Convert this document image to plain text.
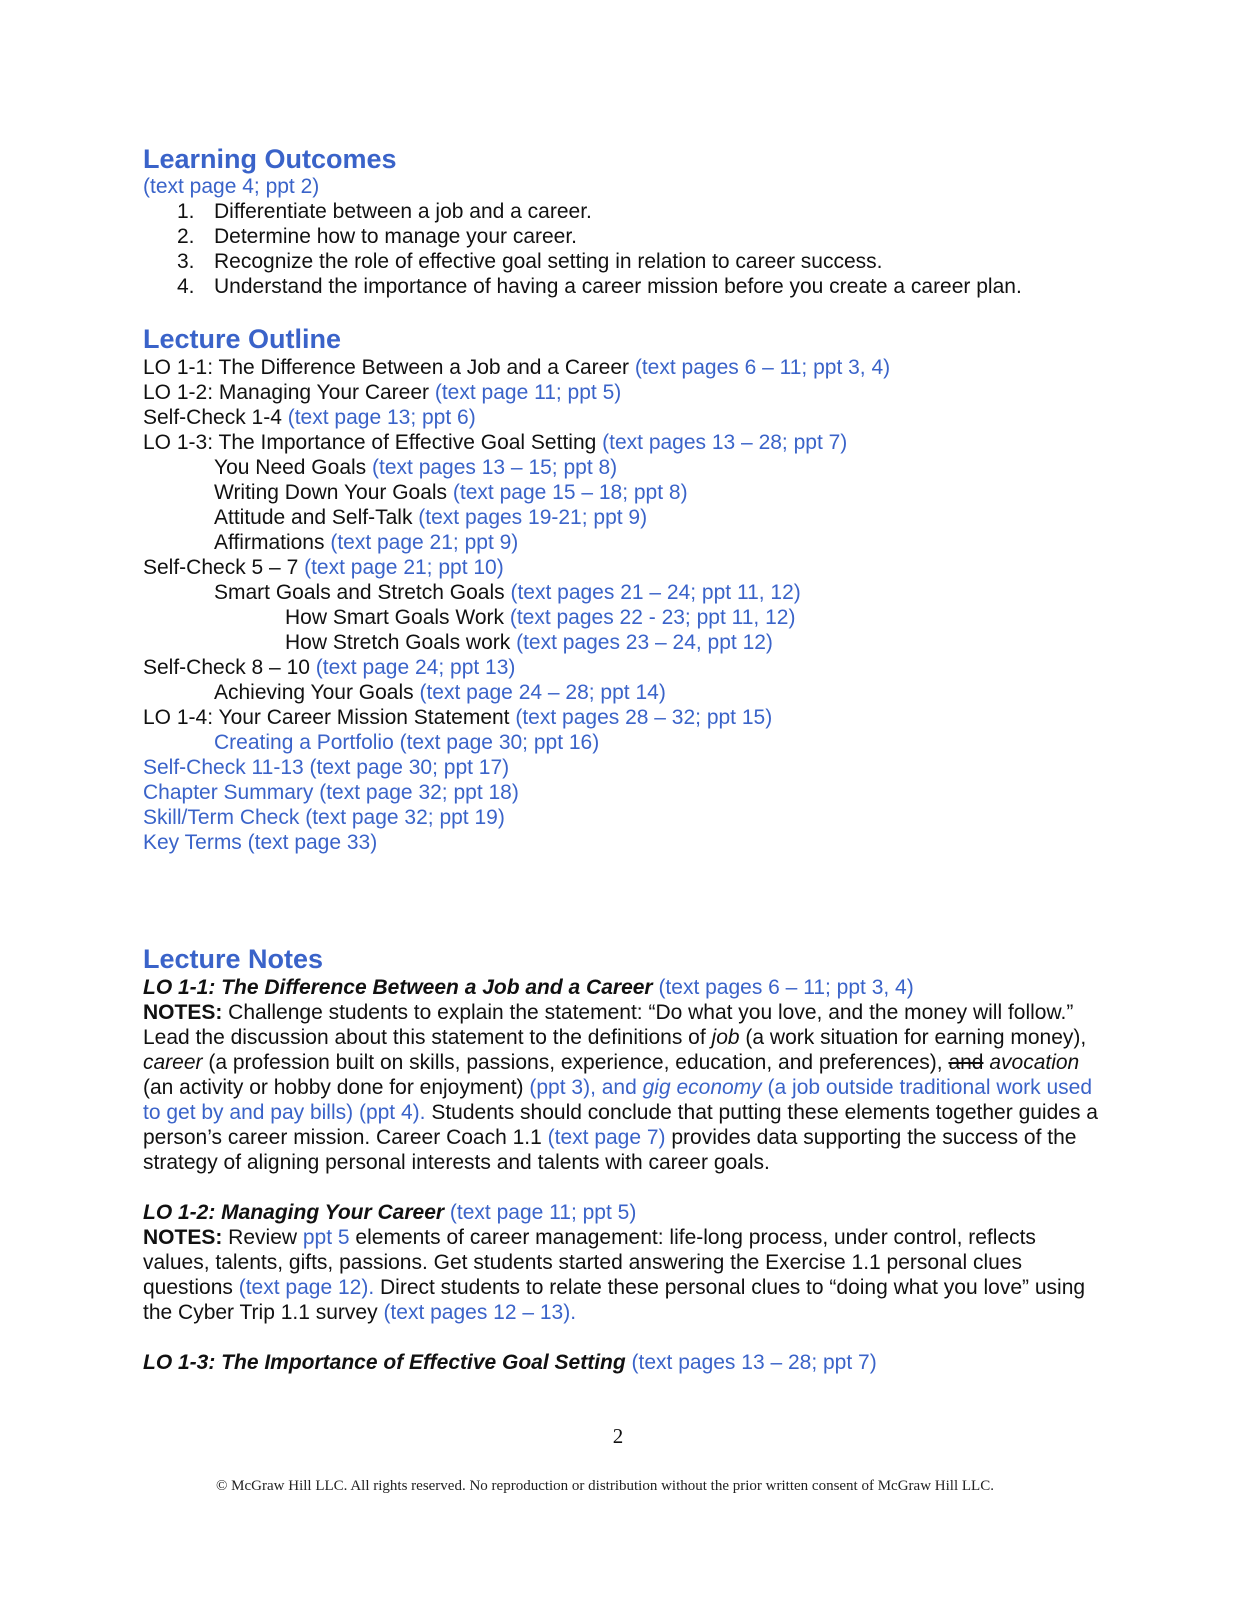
Learning Outcomes
(text page 4; ppt 2)
1. Differentiate between a job and a career.
2. Determine how to manage your career.
3. Recognize the role of effective goal setting in relation to career success.
4. Understand the importance of having a career mission before you create a career plan.
Lecture Outline
LO 1-1: The Difference Between a Job and a Career (text pages 6 – 11; ppt 3, 4)
LO 1-2: Managing Your Career (text page 11; ppt 5)
Self-Check 1-4 (text page 13; ppt 6)
LO 1-3: The Importance of Effective Goal Setting (text pages 13 – 28; ppt 7)
You Need Goals (text pages 13 – 15; ppt 8)
Writing Down Your Goals (text page 15 – 18; ppt 8)
Attitude and Self-Talk (text pages 19-21; ppt 9)
Affirmations (text page 21; ppt 9)
Self-Check 5 – 7 (text page 21; ppt 10)
Smart Goals and Stretch Goals (text pages 21 – 24; ppt 11, 12)
How Smart Goals Work (text pages 22 - 23; ppt 11, 12)
How Stretch Goals work (text pages 23 – 24, ppt 12)
Self-Check 8 – 10 (text page 24; ppt 13)
Achieving Your Goals (text page 24 – 28; ppt 14)
LO 1-4: Your Career Mission Statement (text pages 28 – 32; ppt 15)
Creating a Portfolio (text page 30; ppt 16)
Self-Check 11-13 (text page 30; ppt 17)
Chapter Summary (text page 32; ppt 18)
Skill/Term Check (text page 32; ppt 19)
Key Terms (text page 33)
Lecture Notes
LO 1-1: The Difference Between a Job and a Career (text pages 6 – 11; ppt 3, 4)

NOTES: Challenge students to explain the statement: “Do what you love, and the money will follow.” Lead the discussion about this statement to the definitions of job (a work situation for earning money), career (a profession built on skills, passions, experience, education, and preferences), and avocation (an activity or hobby done for enjoyment) (ppt 3), and gig economy (a job outside traditional work used to get by and pay bills) (ppt 4). Students should conclude that putting these elements together guides a person’s career mission. Career Coach 1.1 (text page 7) provides data supporting the success of the strategy of aligning personal interests and talents with career goals.

LO 1-2: Managing Your Career (text page 11; ppt 5)

NOTES: Review ppt 5 elements of career management: life-long process, under control, reflects values, talents, gifts, passions. Get students started answering the Exercise 1.1 personal clues questions (text page 12). Direct students to relate these personal clues to “doing what you love” using the Cyber Trip 1.1 survey (text pages 12 – 13).

LO 1-3: The Importance of Effective Goal Setting (text pages 13 – 28; ppt 7)
2
© McGraw Hill LLC. All rights reserved. No reproduction or distribution without the prior written consent of McGraw Hill LLC.
